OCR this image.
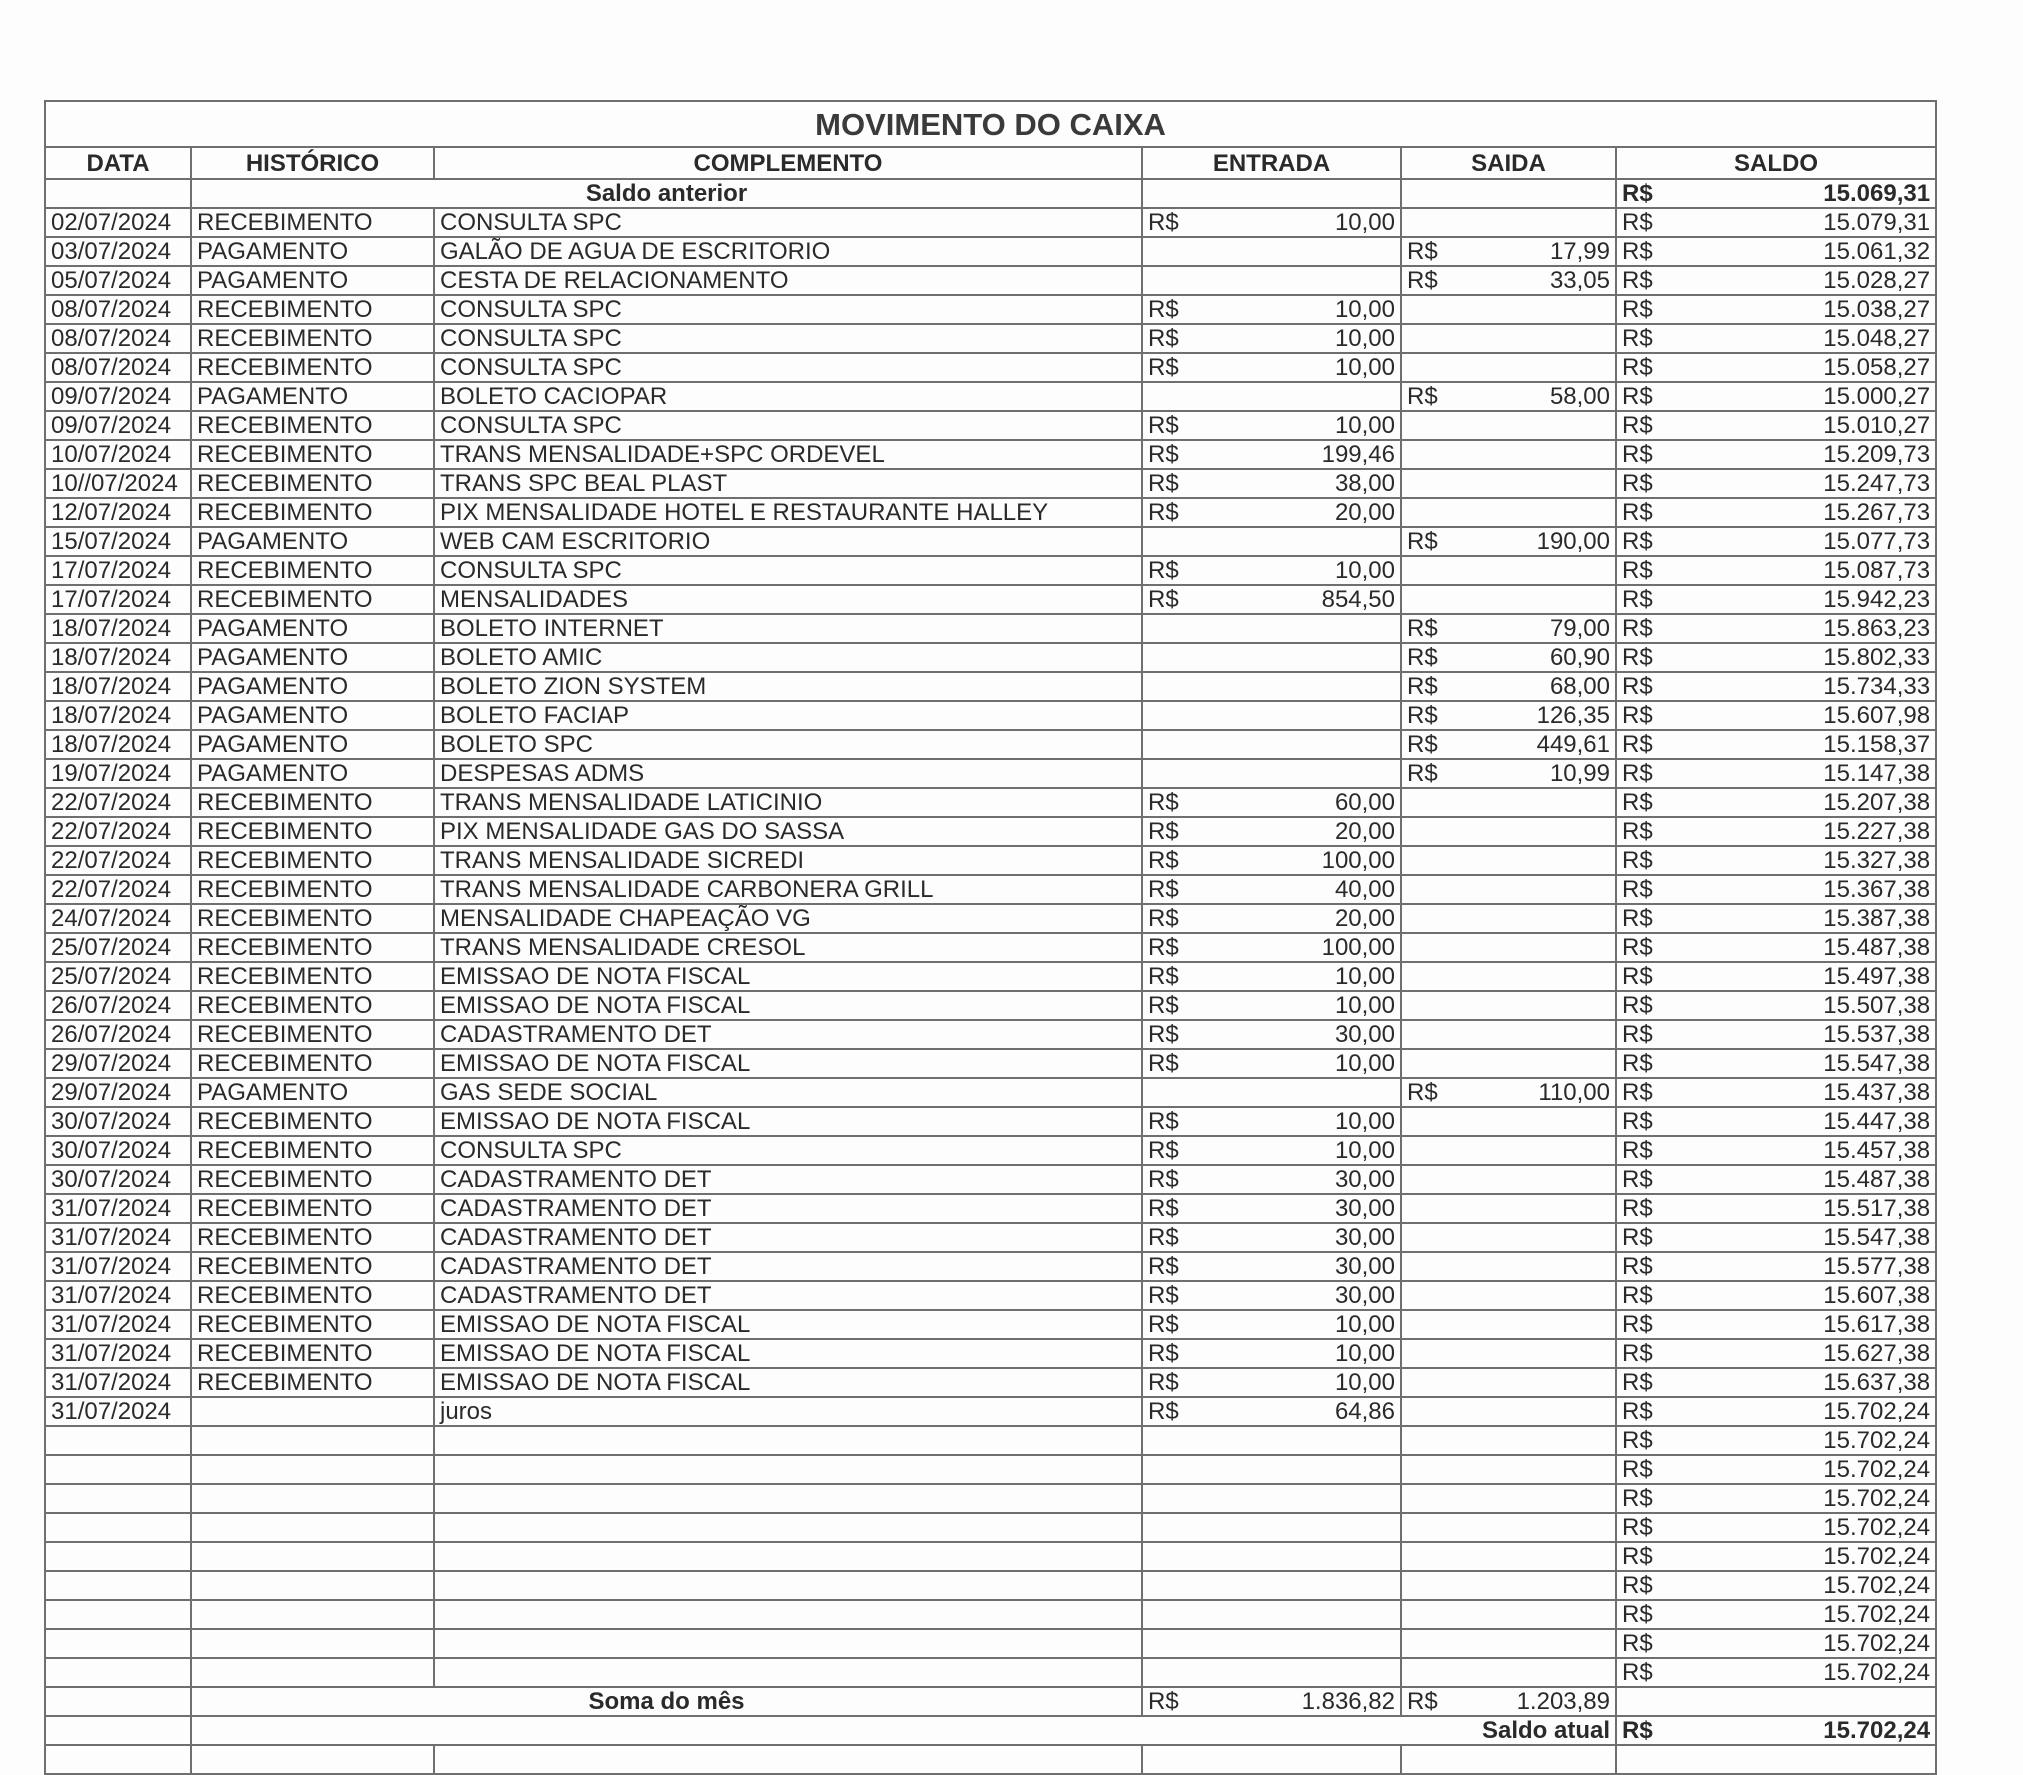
MOVIMENTO DO CAIXA						
DATA	HISTÓRICO	COMPLEMENTO	ENTRADA	SAIDA	SALDO	
	Saldo anterior				R$ 15.069,31	

02/07/2024	RECEBIMENTO	CONSULTA SPC	R$ 10,00		R$ 15.079,31	

03/07/2024	PAGAMENTO	GALÃO DE AGUA DE ESCRITORIO		R$ 17,99	R$ 15.061,32	

05/07/2024	PAGAMENTO	CESTA DE RELACIONAMENTO		R$ 33,05	R$ 15.028,27	

08/07/2024	RECEBIMENTO	CONSULTA SPC	R$ 10,00		R$ 15.038,27	

08/07/2024	RECEBIMENTO	CONSULTA SPC	R$ 10,00		R$ 15.048,27	

08/07/2024	RECEBIMENTO	CONSULTA SPC	R$ 10,00		R$ 15.058,27	

09/07/2024	PAGAMENTO	BOLETO CACIOPAR		R$ 58,00	R$ 15.000,27	

09/07/2024	RECEBIMENTO	CONSULTA SPC	R$ 10,00		R$ 15.010,27	

10/07/2024	RECEBIMENTO	TRANS MENSALIDADE+SPC ORDEVEL	R$ 199,46		R$ 15.209,73	

10//07/2024	RECEBIMENTO	TRANS SPC BEAL PLAST	R$ 38,00		R$ 15.247,73	

12/07/2024	RECEBIMENTO	PIX MENSALIDADE HOTEL E RESTAURANTE HALLEY	R$ 20,00		R$ 15.267,73	

15/07/2024	PAGAMENTO	WEB CAM ESCRITORIO		R$ 190,00	R$ 15.077,73	

17/07/2024	RECEBIMENTO	CONSULTA SPC	R$ 10,00		R$ 15.087,73	

17/07/2024	RECEBIMENTO	MENSALIDADES	R$ 854,50		R$ 15.942,23	

18/07/2024	PAGAMENTO	BOLETO INTERNET		R$ 79,00	R$ 15.863,23	

18/07/2024	PAGAMENTO	BOLETO AMIC		R$ 60,90	R$ 15.802,33	

18/07/2024	PAGAMENTO	BOLETO ZION SYSTEM		R$ 68,00	R$ 15.734,33	

18/07/2024	PAGAMENTO	BOLETO FACIAP		R$ 126,35	R$ 15.607,98	

18/07/2024	PAGAMENTO	BOLETO SPC		R$ 449,61	R$ 15.158,37	

19/07/2024	PAGAMENTO	DESPESAS ADMS		R$ 10,99	R$ 15.147,38	

22/07/2024	RECEBIMENTO	TRANS MENSALIDADE LATICINIO	R$ 60,00		R$ 15.207,38	

22/07/2024	RECEBIMENTO	PIX MENSALIDADE GAS DO SASSA	R$ 20,00		R$ 15.227,38	

22/07/2024	RECEBIMENTO	TRANS MENSALIDADE SICREDI	R$ 100,00		R$ 15.327,38	

22/07/2024	RECEBIMENTO	TRANS MENSALIDADE CARBONERA GRILL	R$ 40,00		R$ 15.367,38	

24/07/2024	RECEBIMENTO	MENSALIDADE CHAPEAÇÃO VG	R$ 20,00		R$ 15.387,38	

25/07/2024	RECEBIMENTO	TRANS MENSALIDADE CRESOL	R$ 100,00		R$ 15.487,38	

25/07/2024	RECEBIMENTO	EMISSAO DE NOTA FISCAL	R$ 10,00		R$ 15.497,38	

26/07/2024	RECEBIMENTO	EMISSAO DE NOTA FISCAL	R$ 10,00		R$ 15.507,38	

26/07/2024	RECEBIMENTO	CADASTRAMENTO DET	R$ 30,00		R$ 15.537,38	

29/07/2024	RECEBIMENTO	EMISSAO DE NOTA FISCAL	R$ 10,00		R$ 15.547,38	

29/07/2024	PAGAMENTO	GAS SEDE SOCIAL		R$ 110,00	R$ 15.437,38	

30/07/2024	RECEBIMENTO	EMISSAO DE NOTA FISCAL	R$ 10,00		R$ 15.447,38	

30/07/2024	RECEBIMENTO	CONSULTA SPC	R$ 10,00		R$ 15.457,38	

30/07/2024	RECEBIMENTO	CADASTRAMENTO DET	R$ 30,00		R$ 15.487,38	

31/07/2024	RECEBIMENTO	CADASTRAMENTO DET	R$ 30,00		R$ 15.517,38	

31/07/2024	RECEBIMENTO	CADASTRAMENTO DET	R$ 30,00		R$ 15.547,38	

31/07/2024	RECEBIMENTO	CADASTRAMENTO DET	R$ 30,00		R$ 15.577,38	

31/07/2024	RECEBIMENTO	CADASTRAMENTO DET	R$ 30,00		R$ 15.607,38	

31/07/2024	RECEBIMENTO	EMISSAO DE NOTA FISCAL	R$ 10,00		R$ 15.617,38	

31/07/2024	RECEBIMENTO	EMISSAO DE NOTA FISCAL	R$ 10,00		R$ 15.627,38	

31/07/2024	RECEBIMENTO	EMISSAO DE NOTA FISCAL	R$ 10,00		R$ 15.637,38	

31/07/2024		juros	R$ 64,86		R$ 15.702,24	

					R$ 15.702,24	

					R$ 15.702,24	

					R$ 15.702,24	

					R$ 15.702,24	

					R$ 15.702,24	

					R$ 15.702,24	

					R$ 15.702,24	

					R$ 15.702,24	

					R$ 15.702,24	

	Soma do mês		R$ 1.836,82	R$ 1.203,89		

	Saldo atual				R$ 15.702,24	
